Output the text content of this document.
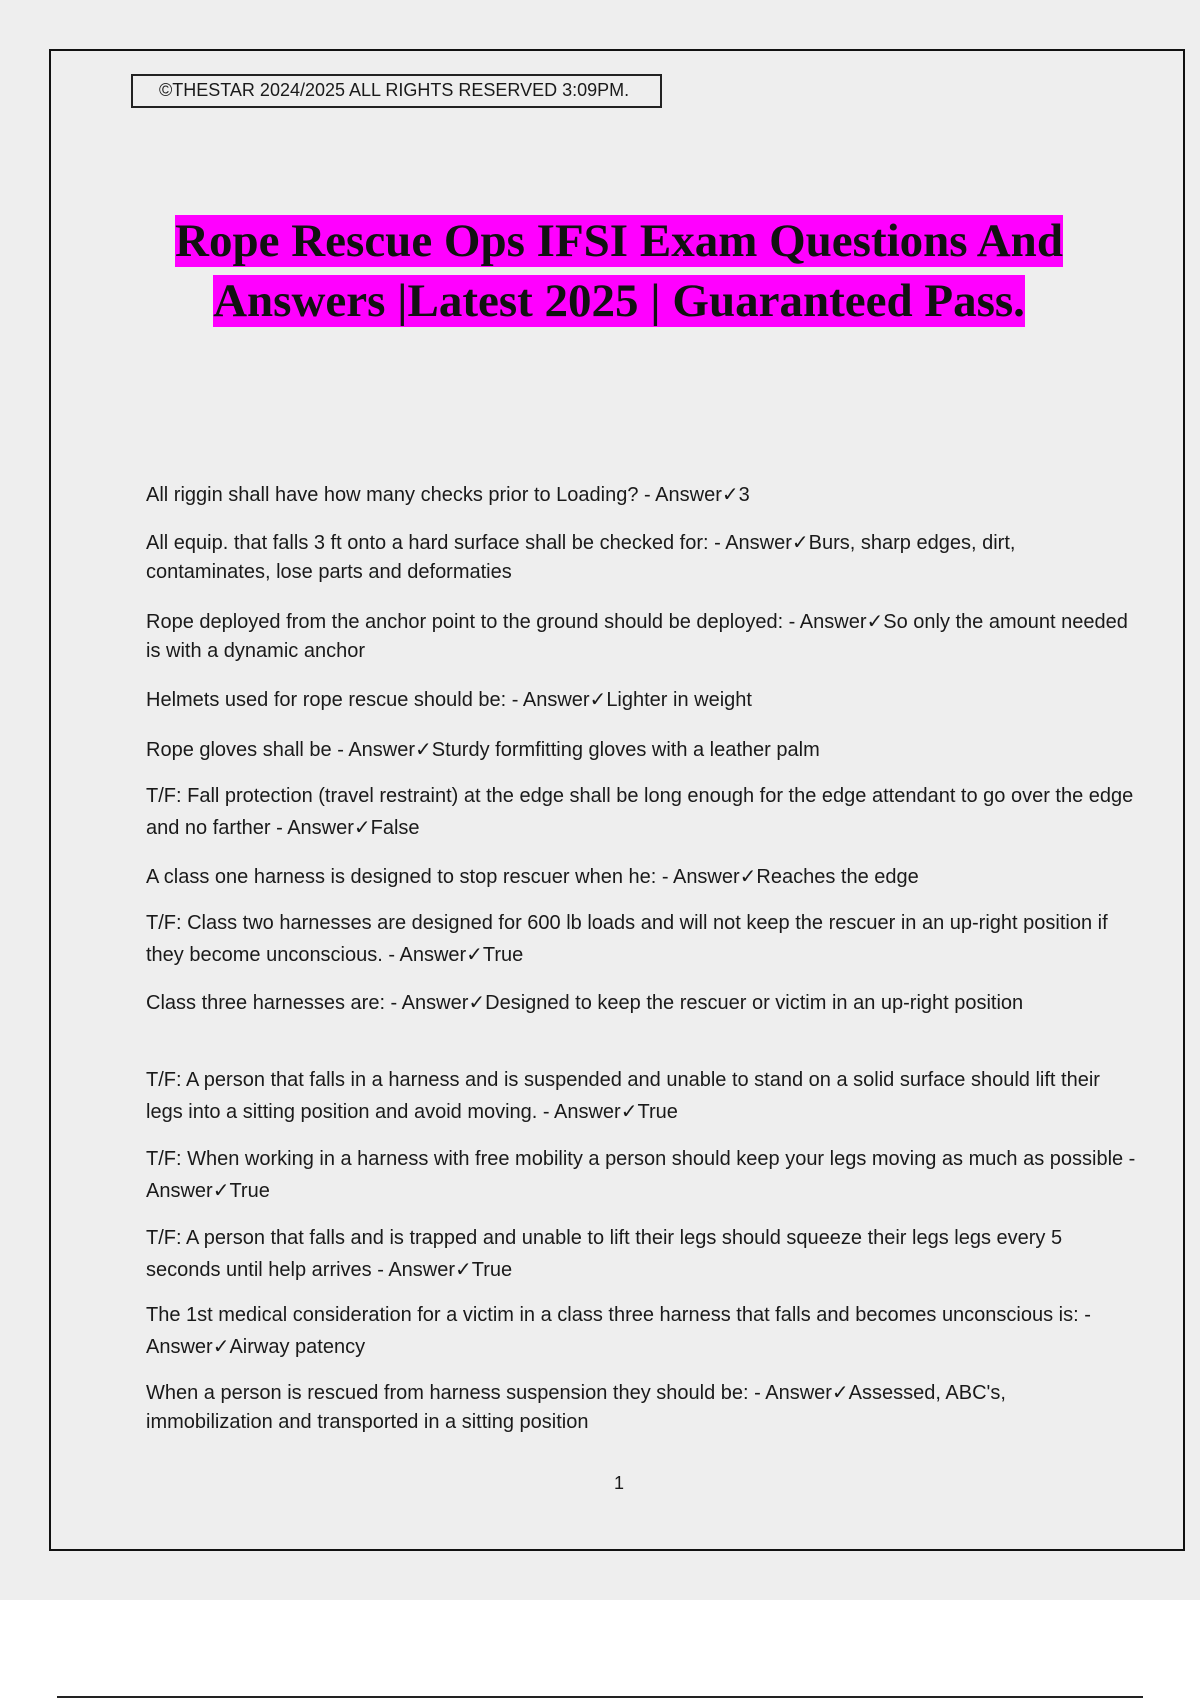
©THESTAR 2024/2025 ALL RIGHTS RESERVED 3:09PM.
Rope Rescue Ops IFSI Exam Questions And
Answers |Latest 2025 | Guaranteed Pass.
All riggin shall have how many checks prior to Loading? - Answer✓3
All equip. that falls 3 ft onto a hard surface shall be checked for: - Answer✓Burs, sharp edges, dirt, contaminates, lose parts and deformaties
Rope deployed from the anchor point to the ground should be deployed: - Answer✓So only the amount needed is with a dynamic anchor
Helmets used for rope rescue should be: - Answer✓Lighter in weight
Rope gloves shall be - Answer✓Sturdy formfitting gloves with a leather palm
T/F: Fall protection (travel restraint) at the edge shall be long enough for the edge attendant to go over the edge and no farther - Answer✓False
A class one harness is designed to stop rescuer when he: - Answer✓Reaches the edge
T/F: Class two harnesses are designed for 600 lb loads and will not keep the rescuer in an up-right position if they become unconscious. - Answer✓True
Class three harnesses are: - Answer✓Designed to keep the rescuer or victim in an up-right position
T/F: A person that falls in a harness and is suspended and unable to stand on a solid surface should lift their legs into a sitting position and avoid moving. - Answer✓True
T/F: When working in a harness with free mobility a person should keep your legs moving as much as possible - Answer✓True
T/F: A person that falls and is trapped and unable to lift their legs should squeeze their legs legs every 5 seconds until help arrives - Answer✓True
The 1st medical consideration for a victim in a class three harness that falls and becomes unconscious is: - Answer✓Airway patency
When a person is rescued from harness suspension they should be: - Answer✓Assessed, ABC's, immobilization and transported in a sitting position
1
